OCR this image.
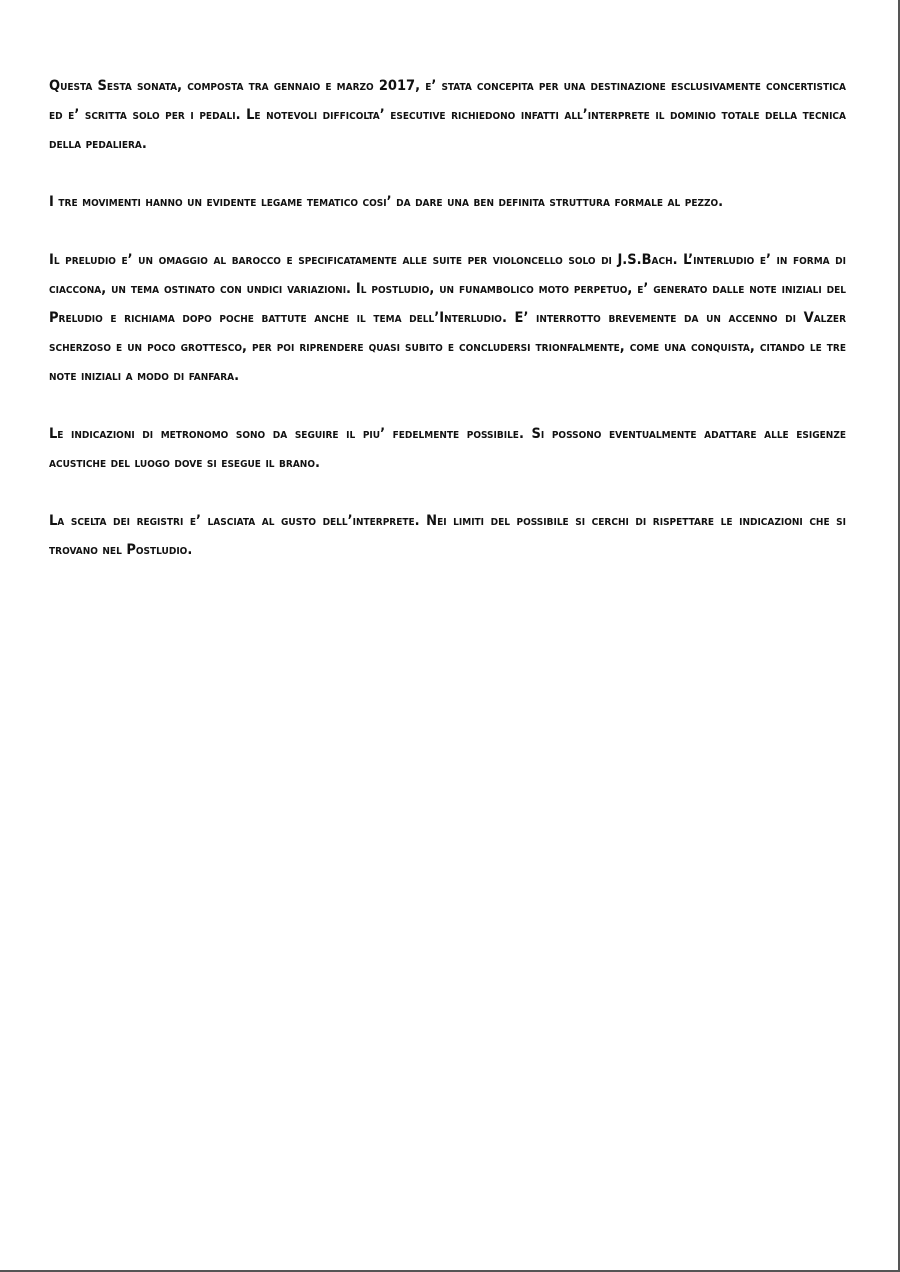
Questa Sesta sonata, composta tra gennaio e marzo 2017, e’ stata concepita per una destinazione esclusivamente concertistica ed e’ scritta solo per i pedali. Le notevoli difficolta’ esecutive richiedono infatti all’interprete il dominio totale della tecnica della pedaliera.

I tre movimenti hanno un evidente legame tematico cosi’ da dare una ben definita struttura formale al pezzo.

Il preludio e’ un omaggio al barocco e specificatamente alle suite per violoncello solo di J.S.Bach. L’interludio e’ in forma di ciaccona, un tema ostinato con undici variazioni. Il postludio, un funambolico moto perpetuo, e’ generato dalle note iniziali del Preludio e richiama dopo poche battute anche il tema dell’Interludio. E’ interrotto brevemente da un accenno di Valzer scherzoso e un poco grottesco, per poi riprendere quasi subito e concludersi trionfalmente, come una conquista, citando le tre note iniziali a modo di fanfara.

Le indicazioni di metronomo sono da seguire il piu’ fedelmente possibile. Si possono eventualmente adattare alle esigenze acustiche del luogo dove si esegue il brano.

La scelta dei registri e’ lasciata al gusto dell’interprete. Nei limiti del possibile si cerchi di rispettare le indicazioni che si trovano nel Postludio.
